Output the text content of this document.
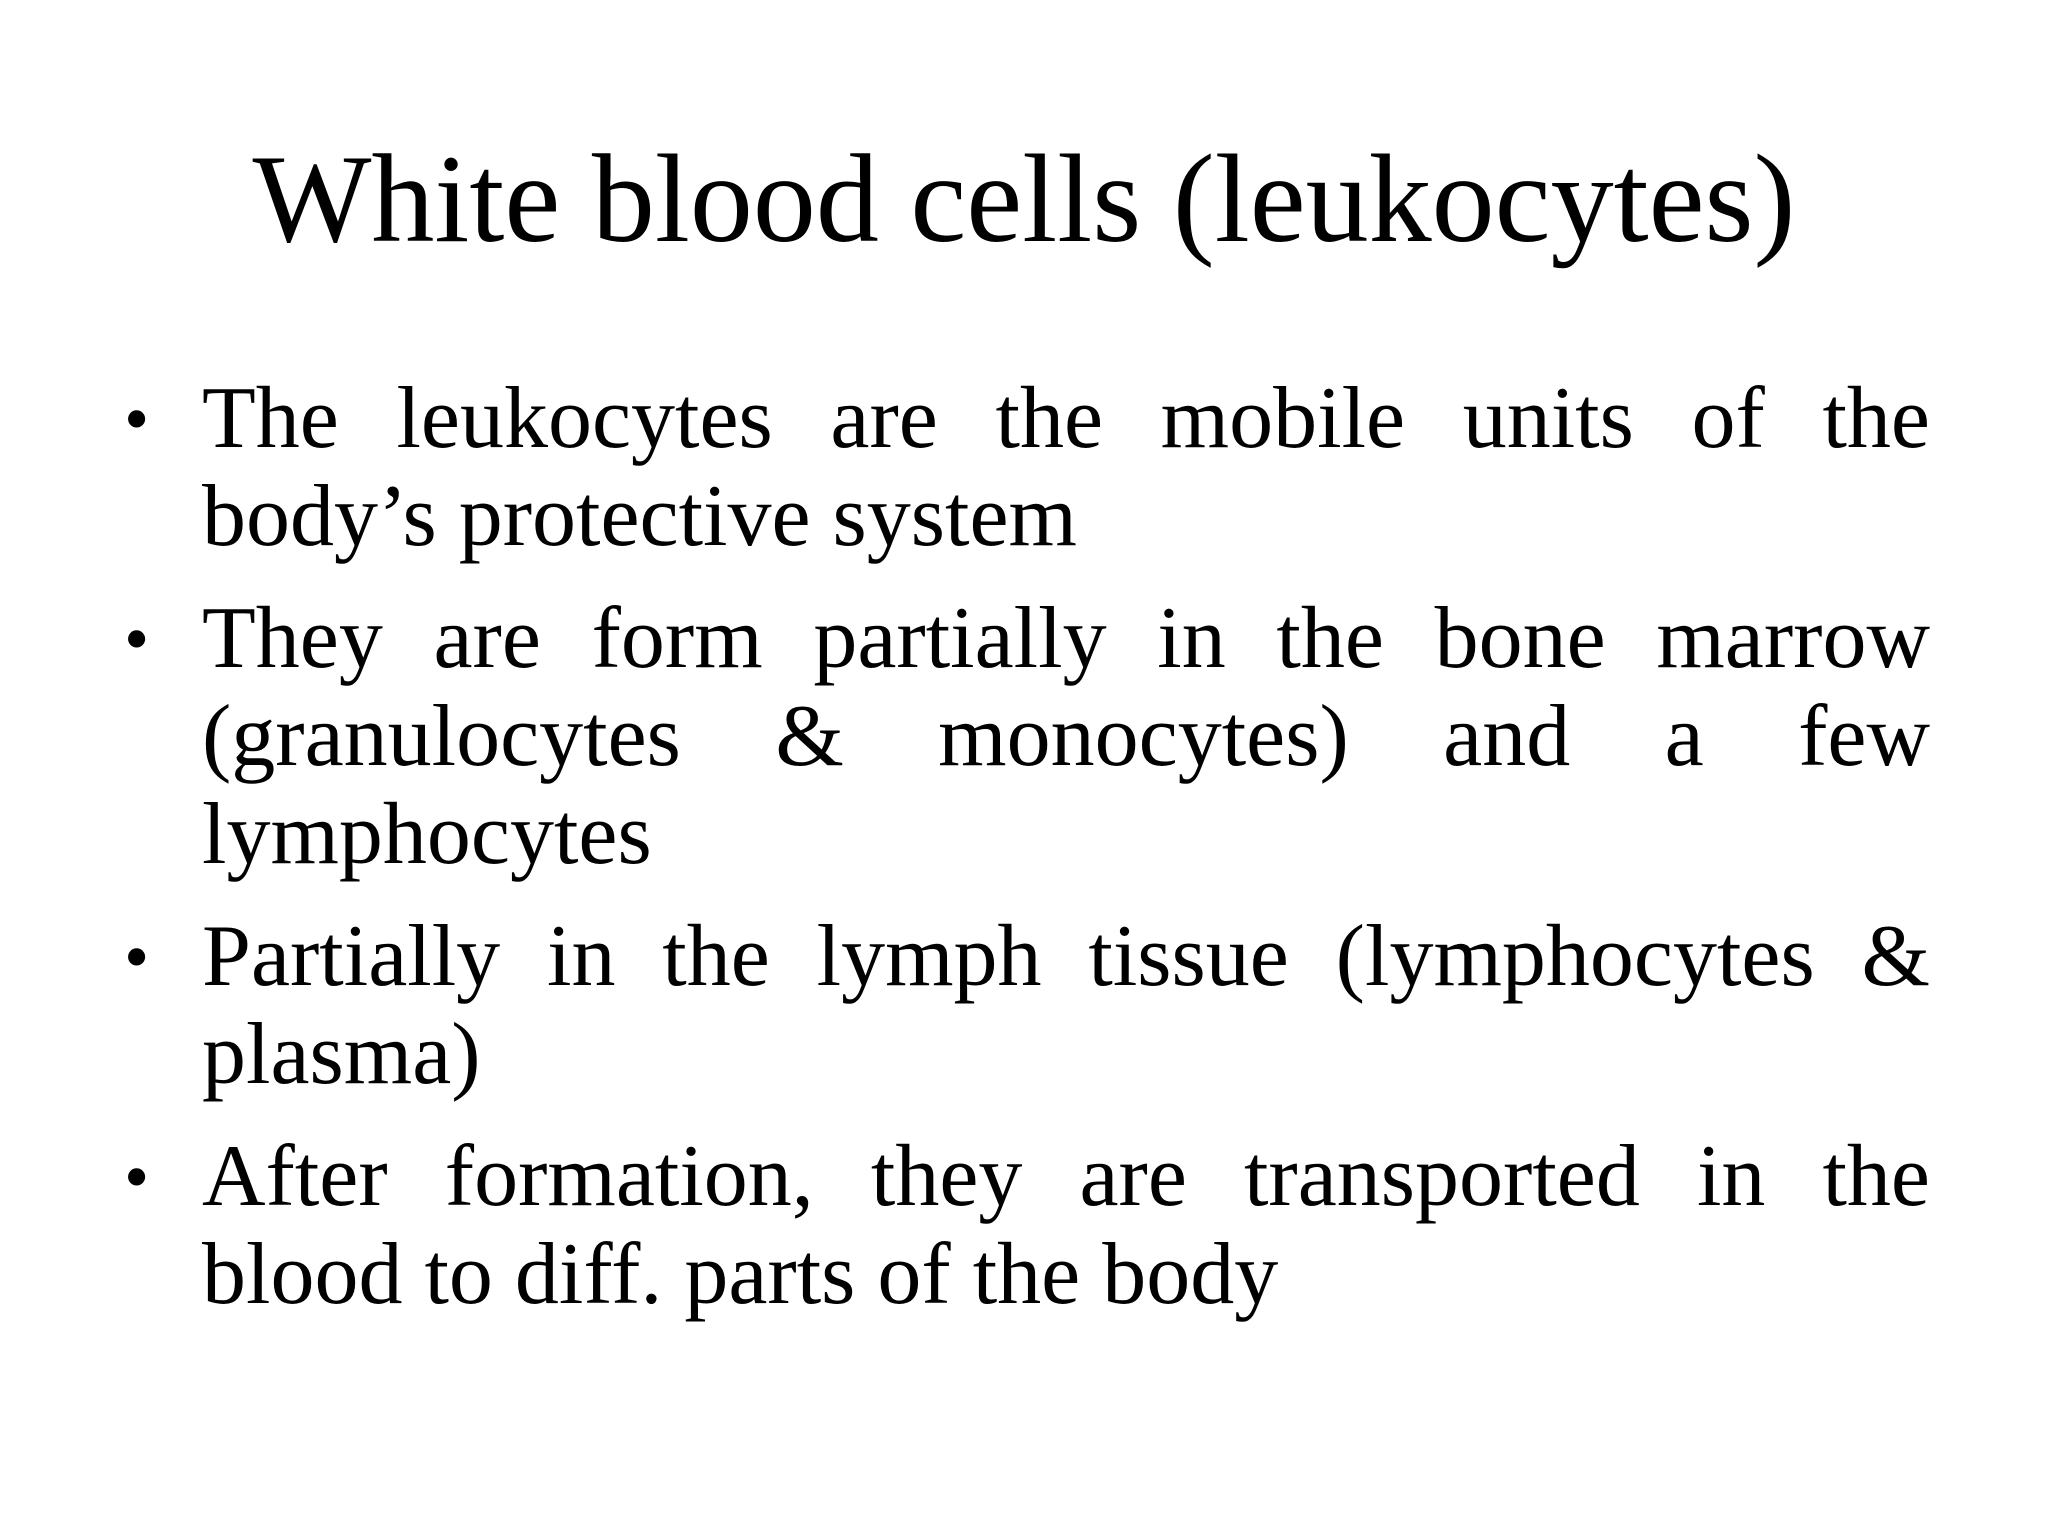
White blood cells (leukocytes)
• The leukocytes are the mobile units of the body’s protective system
• They are form partially in the bone marrow (granulocytes & monocytes) and a few lymphocytes
• Partially in the lymph tissue (lymphocytes & plasma)
• After formation, they are transported in the blood to diff. parts of the body
